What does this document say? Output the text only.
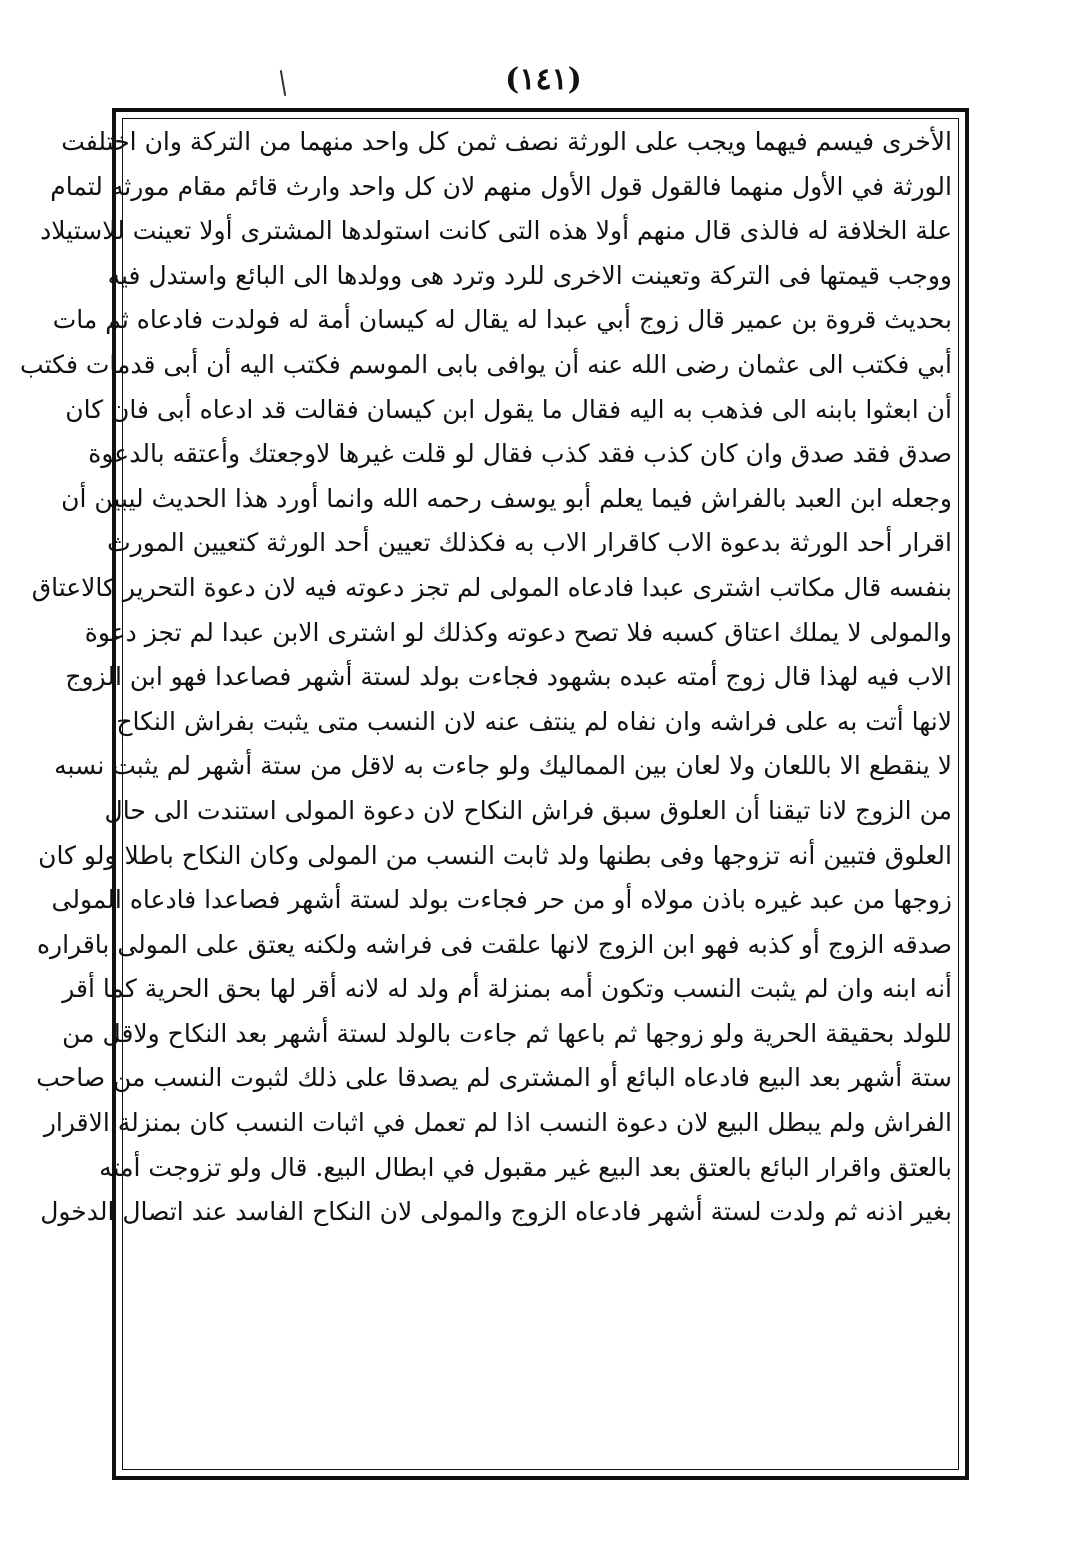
(١٤١)
الأخرى فيسم فيهما ويجب على الورثة نصف ثمن كل واحد منهما من التركة وان اختلفت
الورثة في الأول منهما فالقول قول الأول منهم لان كل واحد وارث قائم مقام مورثه لتمام
علة الخلافة له فالذى قال منهم أولا هذه التى كانت استولدها المشترى أولا تعينت للاستيلاد
ووجب قيمتها فى التركة وتعينت الاخرى للرد وترد هى وولدها الى البائع واستدل فيه
بحديث قروة بن عمير قال زوج أبي عبدا له يقال له كيسان أمة له فولدت فادعاه ثم مات
أبي فكتب الى عثمان رضى الله عنه أن يوافى بابى الموسم فكتب اليه أن أبى قدمات فكتب
أن ابعثوا بابنه الى فذهب به اليه فقال ما يقول ابن كيسان فقالت قد ادعاه أبى فان كان
صدق فقد صدق وان كان كذب فقد كذب فقال لو قلت غيرها لاوجعتك وأعتقه بالدعوة
وجعله ابن العبد بالفراش فيما يعلم أبو يوسف رحمه الله وانما أورد هذا الحديث ليبين أن
اقرار أحد الورثة بدعوة الاب كاقرار الاب به فكذلك تعيين أحد الورثة كتعيين المورث
بنفسه قال مكاتب اشترى عبدا فادعاه المولى لم تجز دعوته فيه لان دعوة التحرير كالاعتاق
والمولى لا يملك اعتاق كسبه فلا تصح دعوته وكذلك لو اشترى الابن عبدا لم تجز دعوة
الاب فيه لهذا قال زوج أمته عبده بشهود فجاءت بولد لستة أشهر فصاعدا فهو ابن الزوج
لانها أتت به على فراشه وان نفاه لم ينتف عنه لان النسب متى يثبت بفراش النكاح
لا ينقطع الا باللعان ولا لعان بين المماليك ولو جاءت به لاقل من ستة أشهر لم يثبت نسبه
من الزوج لانا تيقنا أن العلوق سبق فراش النكاح لان دعوة المولى استندت الى حال
العلوق فتبين أنه تزوجها وفى بطنها ولد ثابت النسب من المولى وكان النكاح باطلا ولو كان
زوجها من عبد غيره باذن مولاه أو من حر فجاءت بولد لستة أشهر فصاعدا فادعاه المولى
صدقه الزوج أو كذبه فهو ابن الزوج لانها علقت فى فراشه ولكنه يعتق على المولى باقراره
أنه ابنه وان لم يثبت النسب وتكون أمه بمنزلة أم ولد له لانه أقر لها بحق الحرية كما أقر
للولد بحقيقة الحرية ولو زوجها ثم باعها ثم جاءت بالولد لستة أشهر بعد النكاح ولاقل من
ستة أشهر بعد البيع فادعاه البائع أو المشترى لم يصدقا على ذلك لثبوت النسب من صاحب
الفراش ولم يبطل البيع لان دعوة النسب اذا لم تعمل في اثبات النسب كان بمنزلة الاقرار
بالعتق واقرار البائع بالعتق بعد البيع غير مقبول في ابطال البيع. قال ولو تزوجت أمته
بغير اذنه ثم ولدت لستة أشهر فادعاه الزوج والمولى لان النكاح الفاسد عند اتصال الدخول
